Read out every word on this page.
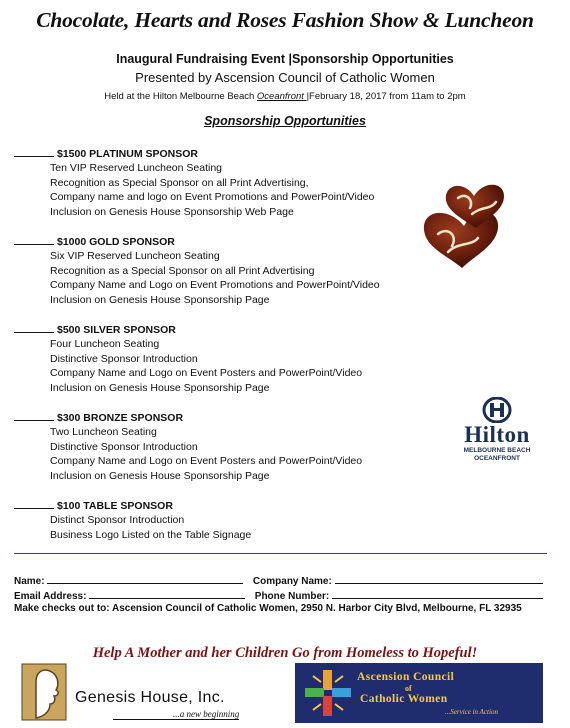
Chocolate, Hearts and Roses Fashion Show & Luncheon
Inaugural Fundraising Event |Sponsorship Opportunities
Presented by Ascension Council of Catholic Women
Held at the Hilton Melbourne Beach Oceanfront |February 18, 2017 from 11am to 2pm
Sponsorship Opportunities
$1500 PLATINUM SPONSOR
Ten VIP Reserved Luncheon Seating
Recognition as Special Sponsor on all Print Advertising,
Company name and logo on Event Promotions and PowerPoint/Video
Inclusion on Genesis House Sponsorship Web Page
$1000 GOLD SPONSOR
Six VIP Reserved Luncheon Seating
Recognition as a Special Sponsor on all Print Advertising
Company Name and Logo on Event Promotions and PowerPoint/Video
Inclusion on Genesis House Sponsorship Page
$500 SILVER SPONSOR
Four Luncheon Seating
Distinctive Sponsor Introduction
Company Name and Logo on Event Posters and PowerPoint/Video
Inclusion on Genesis House Sponsorship Page
$300 BRONZE SPONSOR
Two Luncheon Seating
Distinctive Sponsor Introduction
Company Name and Logo on Event Posters and PowerPoint/Video
Inclusion on Genesis House Sponsorship Page
$100 TABLE SPONSOR
Distinct Sponsor Introduction
Business Logo Listed on the Table Signage
Hilton
MELBOURNE BEACH
OCEANFRONT
Name:	Company Name:
Email Address:	Phone Number:
Make checks out to: Ascension Council of Catholic Women, 2950 N. Harbor City Blvd, Melbourne, FL 32935
Help A Mother and her Children Go from Homeless to Hopeful!
Genesis House, Inc.
...a new beginning
Ascension Council
of
Catholic Women
...Service in Action
